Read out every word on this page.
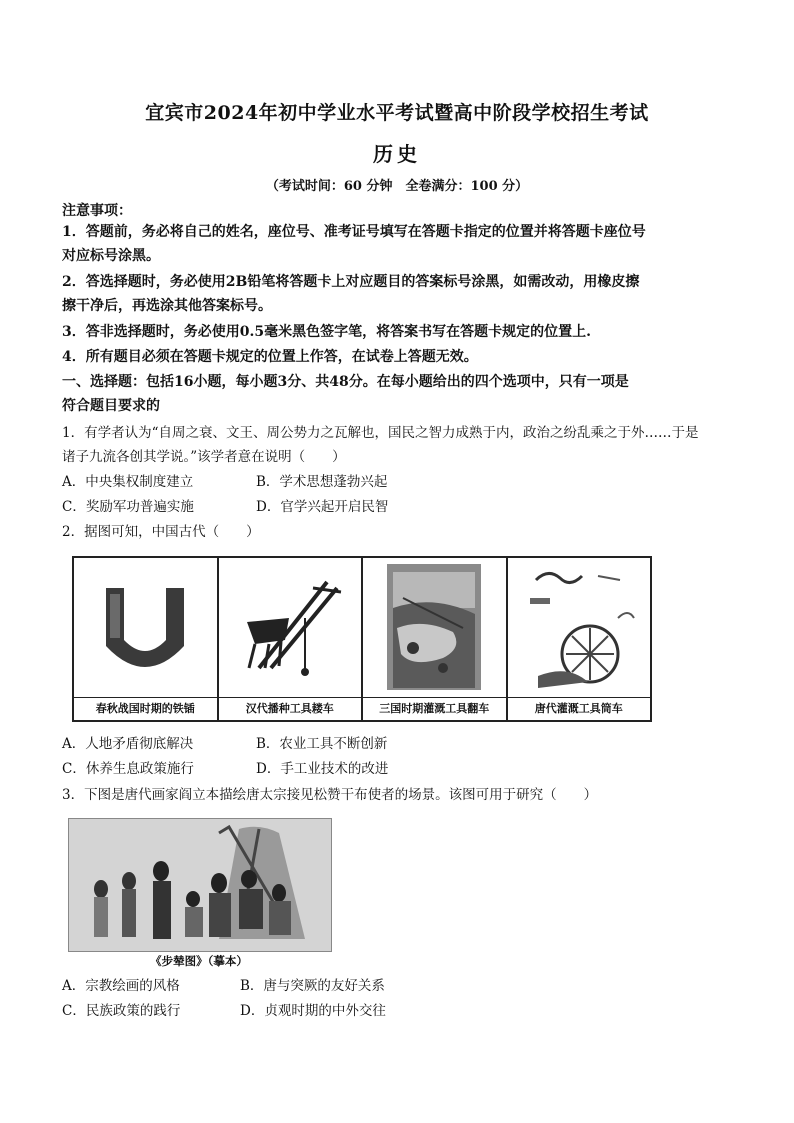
宜宾市2024年初中学业水平考试暨高中阶段学校招生考试
历史
（考试时间：60 分钟　全卷满分：100 分）
注意事项：
1．答题前，务必将自己的姓名，座位号、准考证号填写在答题卡指定的位置并将答题卡座位号
对应标号涂黑。
2．答选择题时，务必使用2B铅笔将答题卡上对应题目的答案标号涂黑，如需改动，用橡皮擦
擦干净后，再选涂其他答案标号。
3．答非选择题时，务必使用0.5毫米黑色签字笔，将答案书写在答题卡规定的位置上.
4．所有题目必须在答题卡规定的位置上作答，在试卷上答题无效。
一、选择题：包括16小题，每小题3分、共48分。在每小题给出的四个选项中，只有一项是
符合题目要求的
1．有学者认为“自周之衰、文王、周公势力之瓦解也，国民之智力成熟于内，政治之纷乱乘之于外……于是
诸子九流各创其学说。”该学者意在说明（　　）
A．中央集权制度建立	B．学术思想蓬勃兴起
C．奖励军功普遍实施	D．官学兴起开启民智
2．据图可知，中国古代（　　）
春秋战国时期的铁锸	汉代播种工具耧车	三国时期灌溉工具翻车	唐代灌溉工具筒车
A．人地矛盾彻底解决	B．农业工具不断创新
C．休养生息政策施行	D．手工业技术的改进
3．下图是唐代画家阎立本描绘唐太宗接见松赞干布使者的场景。该图可用于研究（　　）
《步辇图》（摹本）
A．宗教绘画的风格	B．唐与突厥的友好关系
C．民族政策的践行	D．贞观时期的中外交往
